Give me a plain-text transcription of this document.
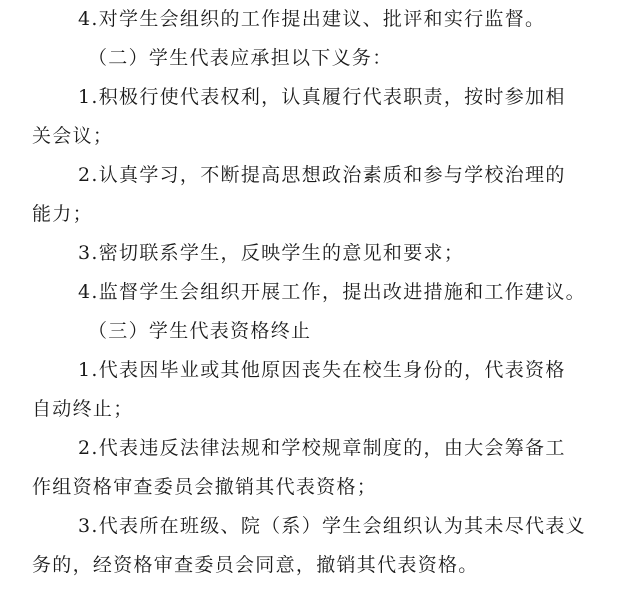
4.对学生会组织的工作提出建议、批评和实行监督。
（二）学生代表应承担以下义务：
1.积极行使代表权利，认真履行代表职责，按时参加相
关会议；
2.认真学习，不断提高思想政治素质和参与学校治理的
能力；
3.密切联系学生，反映学生的意见和要求；
4.监督学生会组织开展工作，提出改进措施和工作建议。
（三）学生代表资格终止
1.代表因毕业或其他原因丧失在校生身份的，代表资格
自动终止；
2.代表违反法律法规和学校规章制度的，由大会筹备工
作组资格审查委员会撤销其代表资格；
3.代表所在班级、院（系）学生会组织认为其未尽代表义
务的，经资格审查委员会同意，撤销其代表资格。
